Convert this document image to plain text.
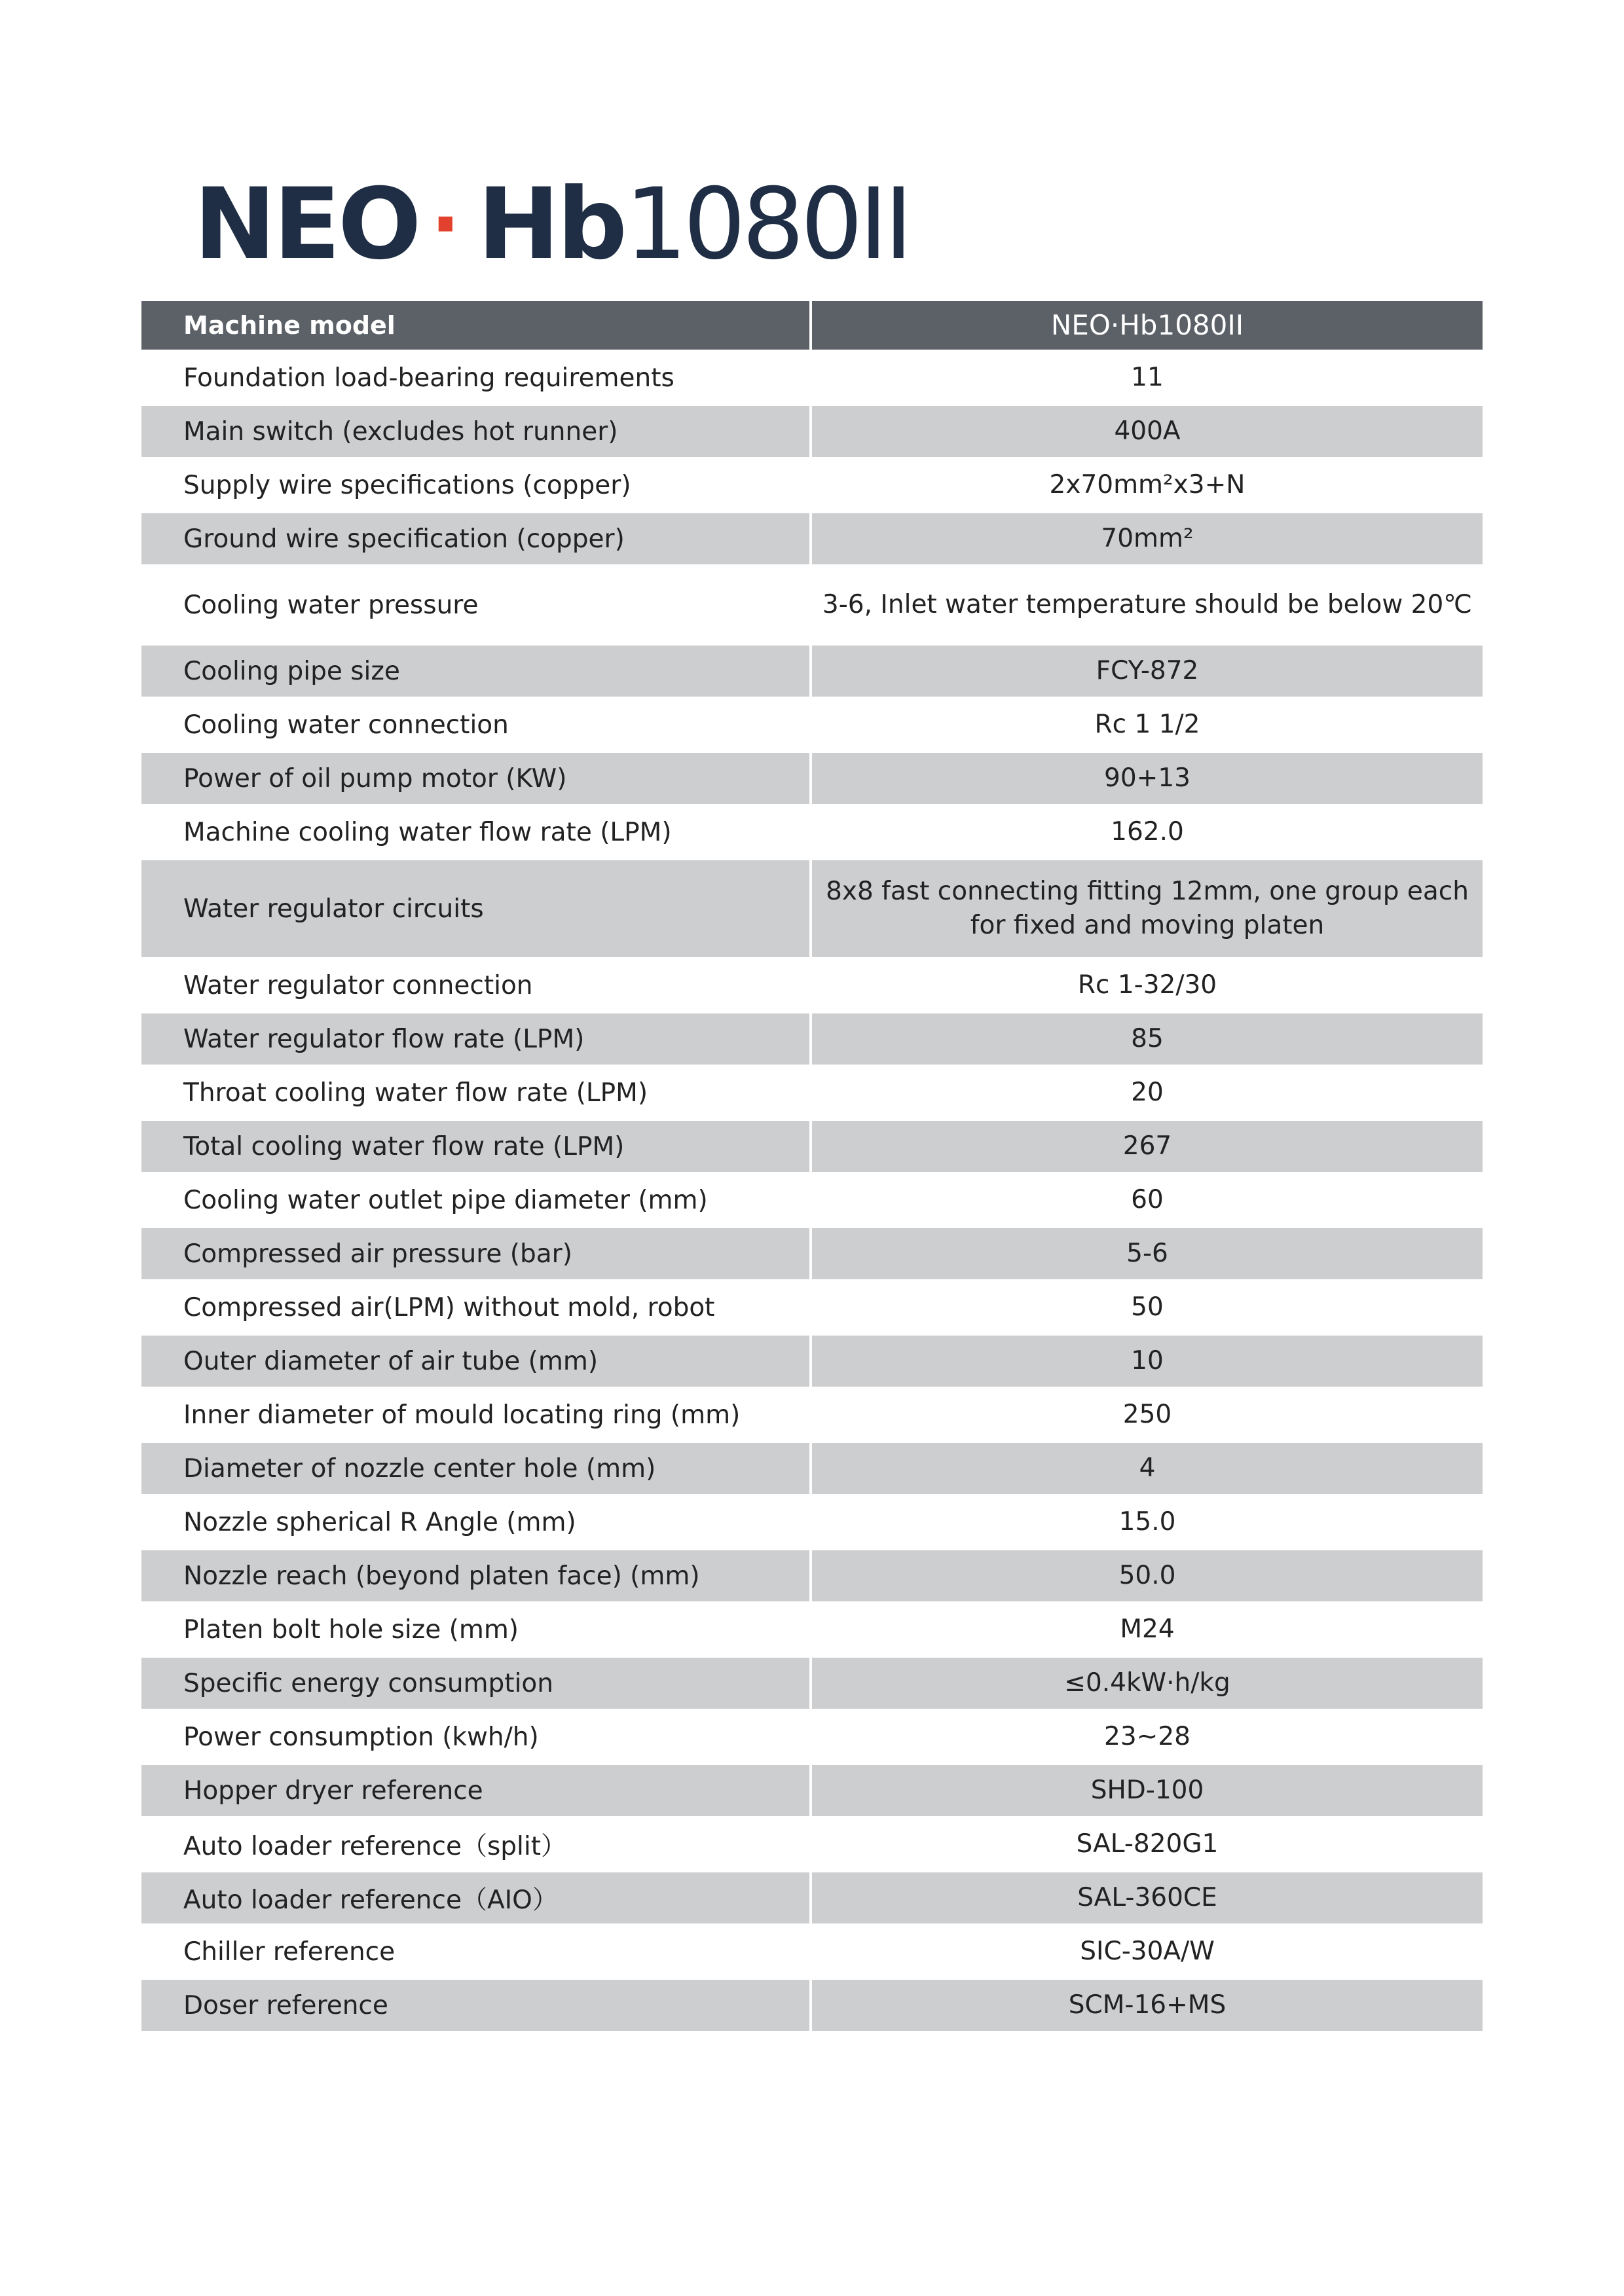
NEO · Hb 1080II
Machine model	NEO·Hb1080II
Foundation load-bearing requirements	11
Main switch (excludes hot runner)	400A
Supply wire specifications (copper)	2x70mm²x3+N
Ground wire specification (copper)	70mm²
Cooling water pressure	3-6, Inlet water temperature should be below 20℃
Cooling pipe size	FCY-872
Cooling water connection	Rc 1 1/2
Power of oil pump motor (KW)	90+13
Machine cooling water flow rate (LPM)	162.0
Water regulator circuits	8x8 fast connecting fitting 12mm, one group each for fixed and moving platen
Water regulator connection	Rc 1-32/30
Water regulator flow rate (LPM)	85
Throat cooling water flow rate (LPM)	20
Total cooling water flow rate (LPM)	267
Cooling water outlet pipe diameter (mm)	60
Compressed air pressure (bar)	5-6
Compressed air(LPM) without mold, robot	50
Outer diameter of air tube (mm)	10
Inner diameter of mould locating ring (mm)	250
Diameter of nozzle center hole (mm)	4
Nozzle spherical R Angle (mm)	15.0
Nozzle reach (beyond platen face) (mm)	50.0
Platen bolt hole size (mm)	M24
Specific energy consumption	≤0.4kW·h/kg
Power consumption (kwh/h)	23~28
Hopper dryer reference	SHD-100
Auto loader reference（split）	SAL-820G1
Auto loader reference（AIO）	SAL-360CE
Chiller reference	SIC-30A/W
Doser reference	SCM-16+MS
